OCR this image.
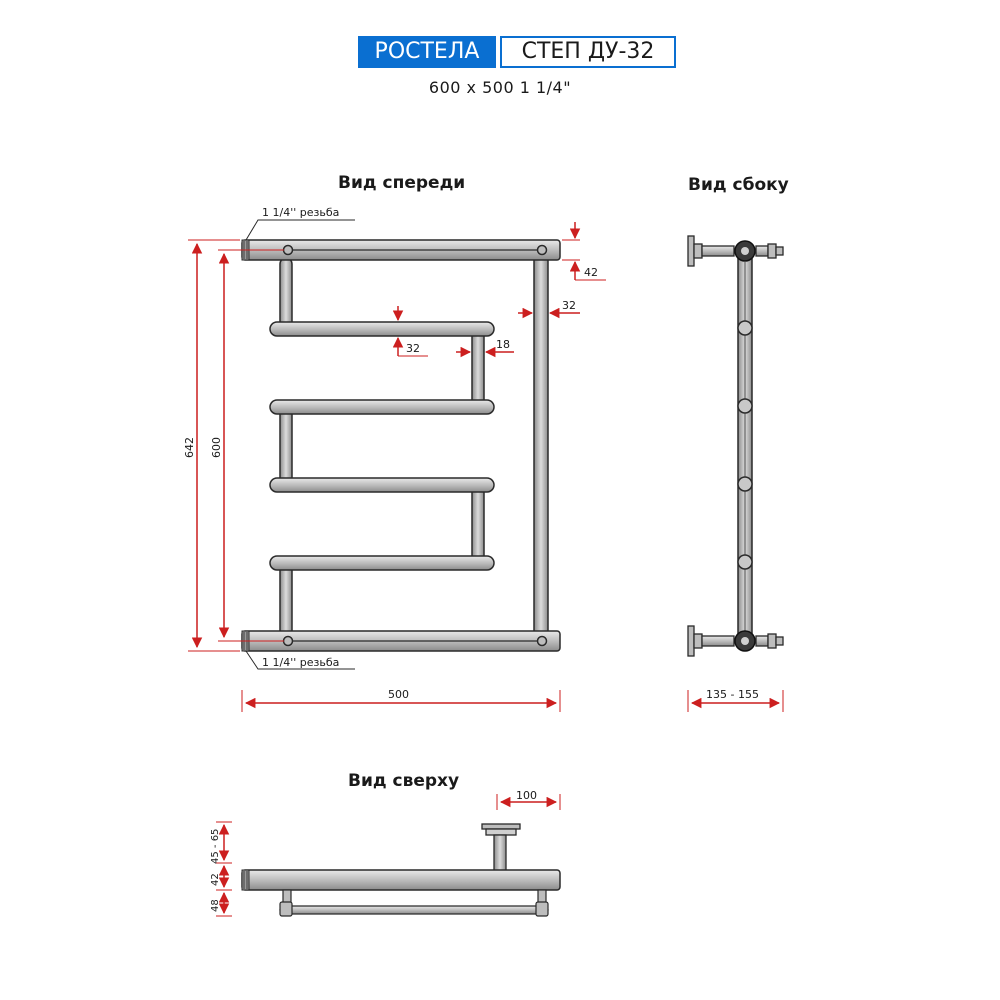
РОСТЕЛА	СТЕП ДУ-32
600 x 500 1 1/4"
Вид спереди	Вид сбоку
Вид сверху
1 1/4'' резьба
1 1/4'' резьба
642 600
500
42
32
32	18
135 - 155
100
45 - 65
42
48
